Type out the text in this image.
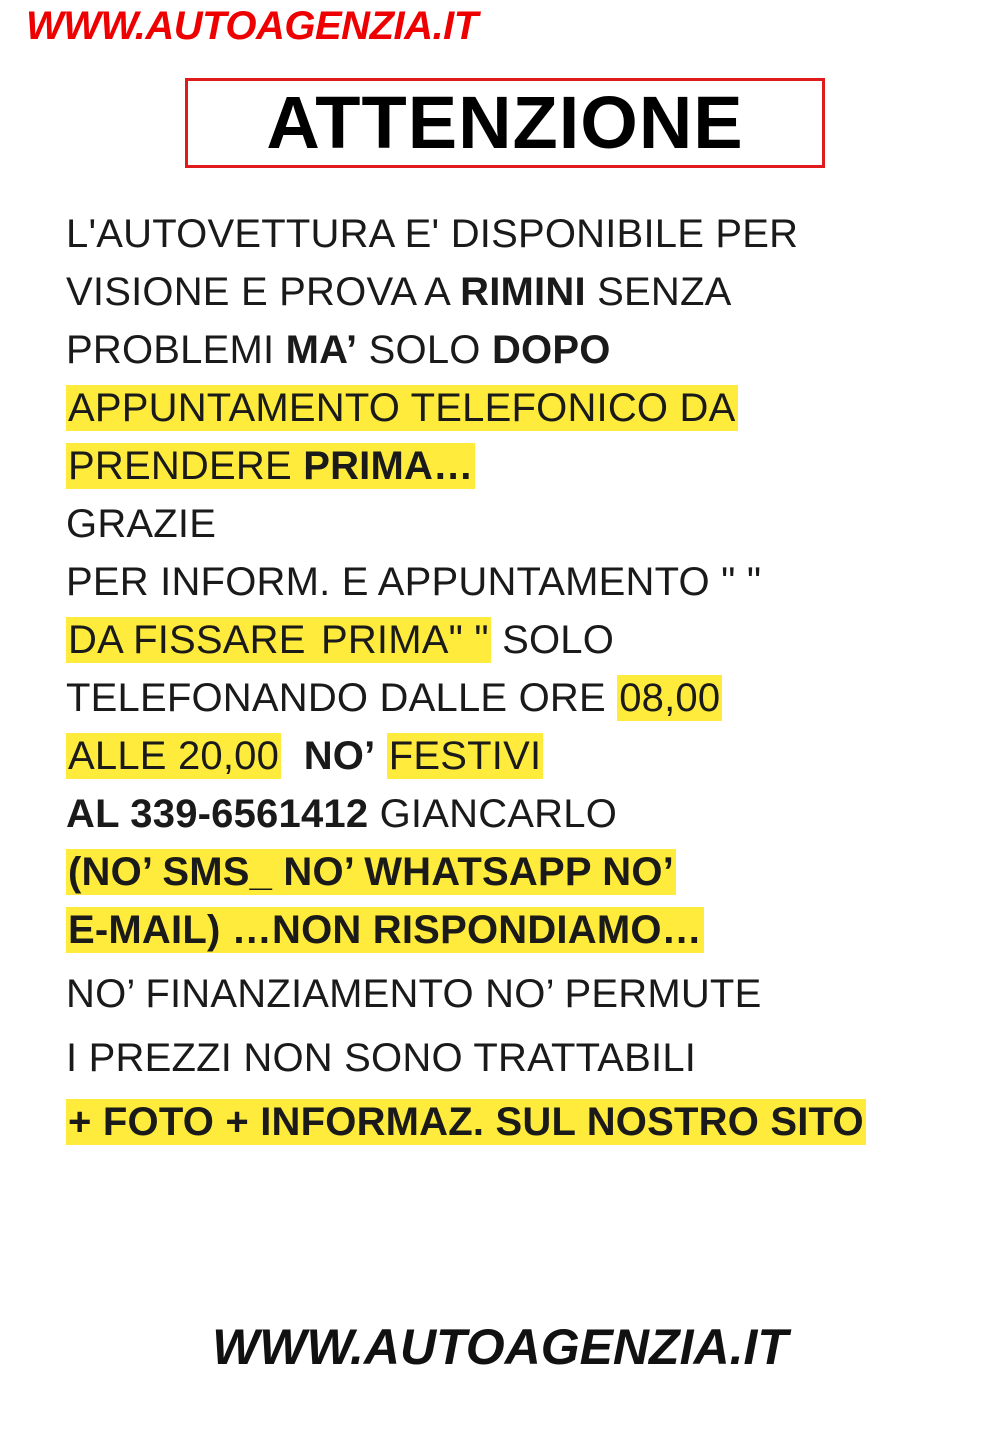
WWW.AUTOAGENZIA.IT
ATTENZIONE
L'AUTOVETTURA E' DISPONIBILE PER
VISIONE E PROVA A RIMINI SENZA
PROBLEMI MA’ SOLO DOPO
APPUNTAMENTO TELEFONICO DA
PRENDERE PRIMA…
GRAZIE
PER INFORM. E APPUNTAMENTO " "
DA FISSARE PRIMA" " SOLO
TELEFONANDO DALLE ORE 08,00
ALLE 20,00 NO’ FESTIVI
AL 339-6561412 GIANCARLO
(NO’ SMS_ NO’ WHATSAPP NO’
E-MAIL) …NON RISPONDIAMO…
NO’ FINANZIAMENTO NO’ PERMUTE
I PREZZI NON SONO TRATTABILI
+ FOTO + INFORMAZ. SUL NOSTRO SITO
WWW.AUTOAGENZIA.IT
